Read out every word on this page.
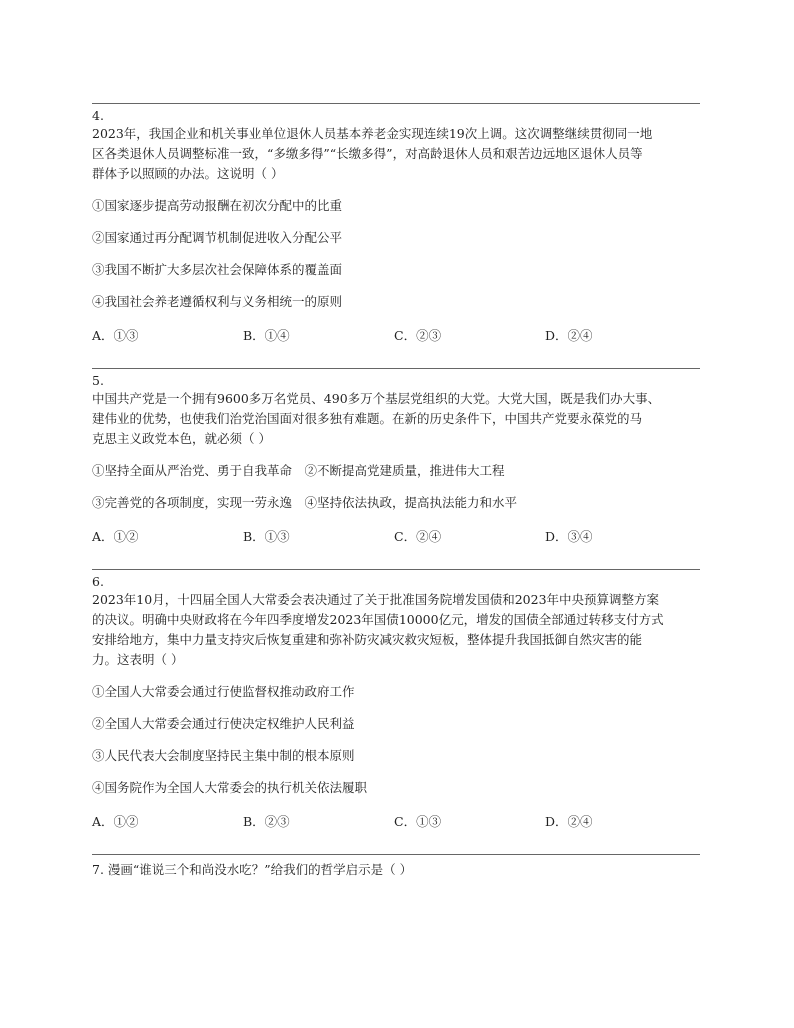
4.
2023年，我国企业和机关事业单位退休人员基本养老金实现连续19次上调。这次调整继续贯彻同一地
区各类退休人员调整标准一致，“多缴多得”“长缴多得”，对高龄退休人员和艰苦边远地区退休人员等
群体予以照顾的办法。这说明（ ）
①国家逐步提高劳动报酬在初次分配中的比重
②国家通过再分配调节机制促进收入分配公平
③我国不断扩大多层次社会保障体系的覆盖面
④我国社会养老遵循权利与义务相统一的原则
A．①③	B．①④	C．②③	D．②④
5.
中国共产党是一个拥有9600多万名党员、490多万个基层党组织的大党。大党大国，既是我们办大事、
建伟业的优势，也使我们治党治国面对很多独有难题。在新的历史条件下，中国共产党要永葆党的马
克思主义政党本色，就必须（ ）
①坚持全面从严治党、勇于自我革命　②不断提高党建质量，推进伟大工程
③完善党的各项制度，实现一劳永逸　④坚持依法执政，提高执法能力和水平
A．①②	B．①③	C．②④	D．③④
6.
2023年10月，十四届全国人大常委会表决通过了关于批准国务院增发国债和2023年中央预算调整方案
的决议。明确中央财政将在今年四季度增发2023年国债10000亿元，增发的国债全部通过转移支付方式
安排给地方，集中力量支持灾后恢复重建和弥补防灾减灾救灾短板，整体提升我国抵御自然灾害的能
力。这表明（ ）
①全国人大常委会通过行使监督权推动政府工作
②全国人大常委会通过行使决定权维护人民利益
③人民代表大会制度坚持民主集中制的根本原则
④国务院作为全国人大常委会的执行机关依法履职
A．①②	B．②③	C．①③	D．②④
7. 漫画“谁说三个和尚没水吃？”给我们的哲学启示是（ ）
